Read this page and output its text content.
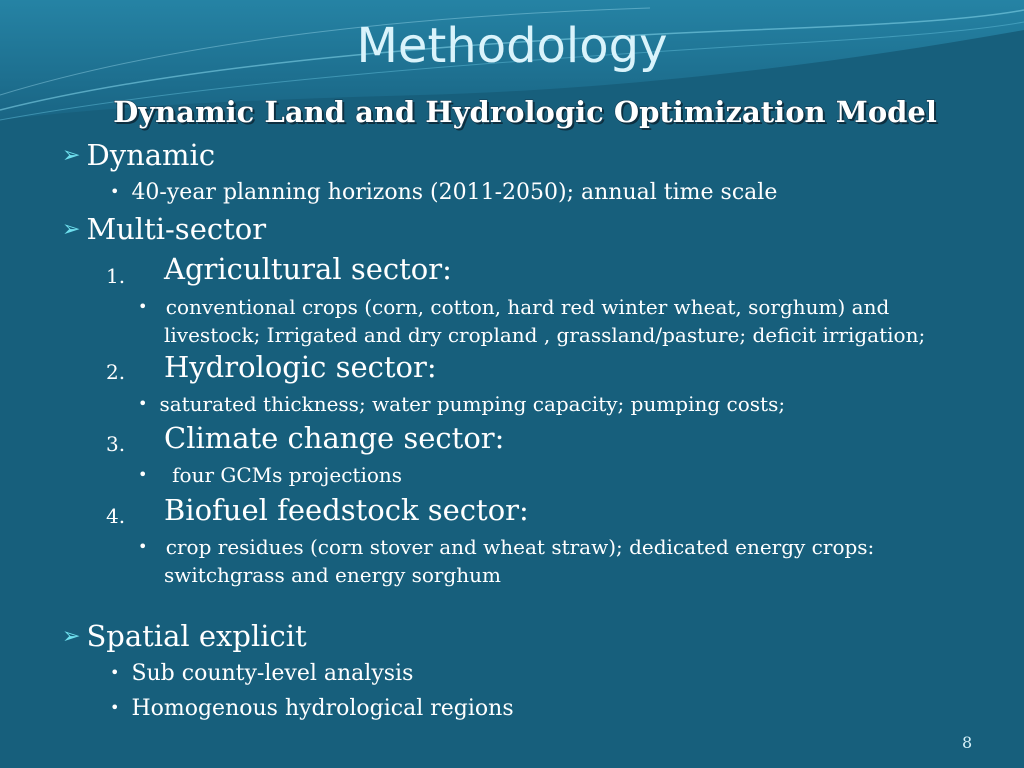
Methodology
Dynamic Land and Hydrologic Optimization Model
➢ Dynamic
• 40-year planning horizons (2011-2050); annual time scale
➢ Multi-sector
1. Agricultural sector:
• conventional crops (corn, cotton, hard red winter wheat, sorghum) and
livestock; Irrigated and dry cropland , grassland/pasture; deficit irrigation;
2. Hydrologic sector:
• saturated thickness; water pumping capacity; pumping costs;
3. Climate change sector:
•  four GCMs projections
4. Biofuel feedstock sector:
• crop residues (corn stover and wheat straw); dedicated energy crops:
switchgrass and energy sorghum
➢ Spatial explicit
• Sub county-level analysis
• Homogenous hydrological regions
8
